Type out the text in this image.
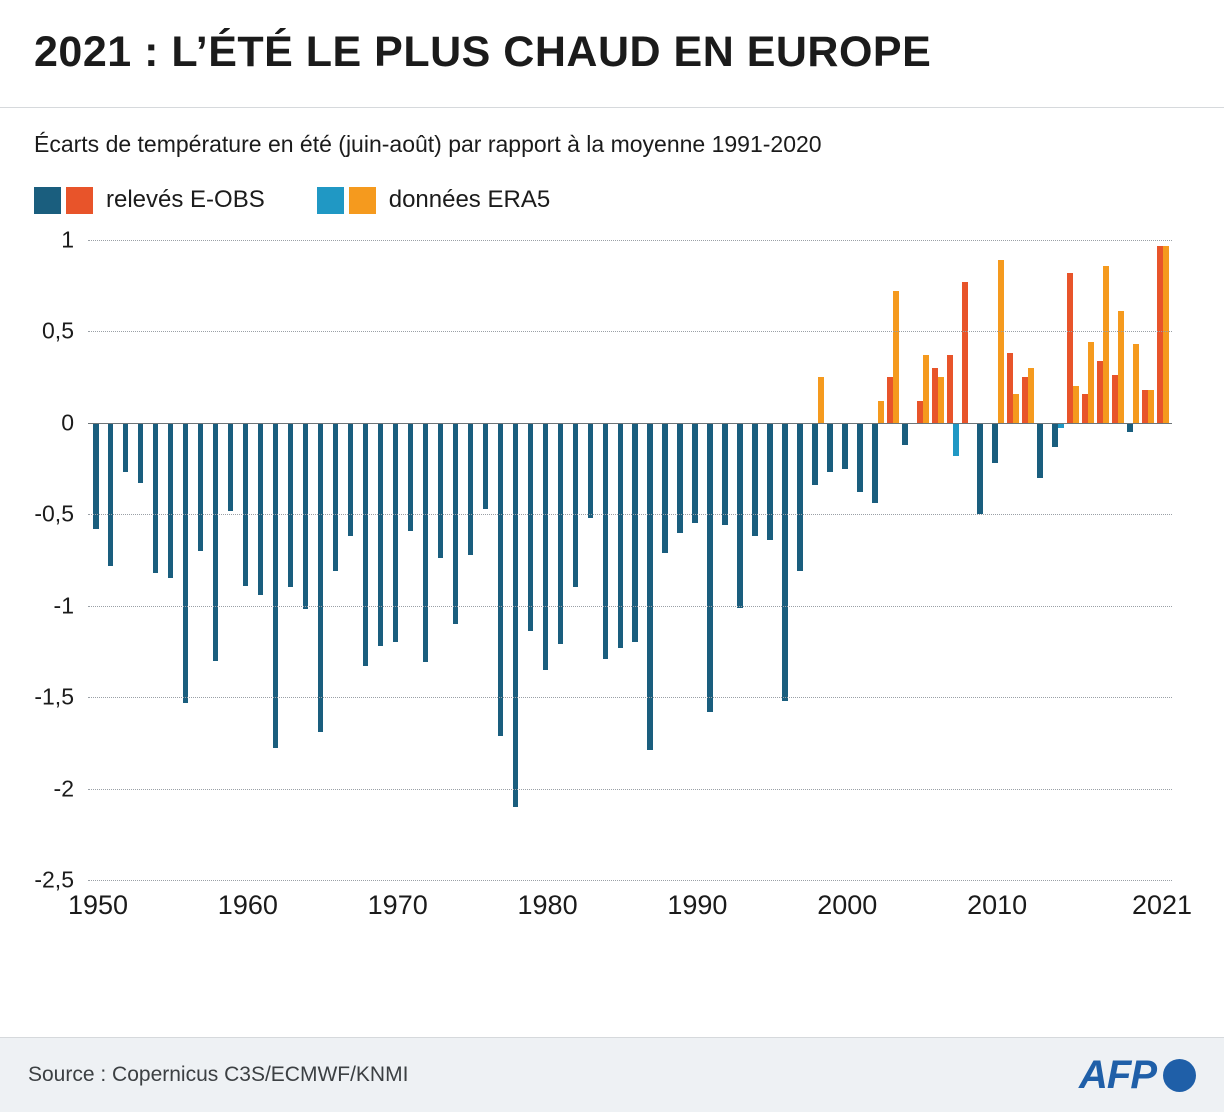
2021 : L’ÉTÉ LE PLUS CHAUD EN EUROPE
Écarts de température en été (juin-août) par rapport à la moyenne 1991-2020
relevés E-OBS	données ERA5
1
0,5
0
-0,5
-1
-1,5
-2
-2,5
1950	1960	1970	1980	1990	2000	2010	2021
Source : Copernicus C3S/ECMWF/KNMI	AFP
